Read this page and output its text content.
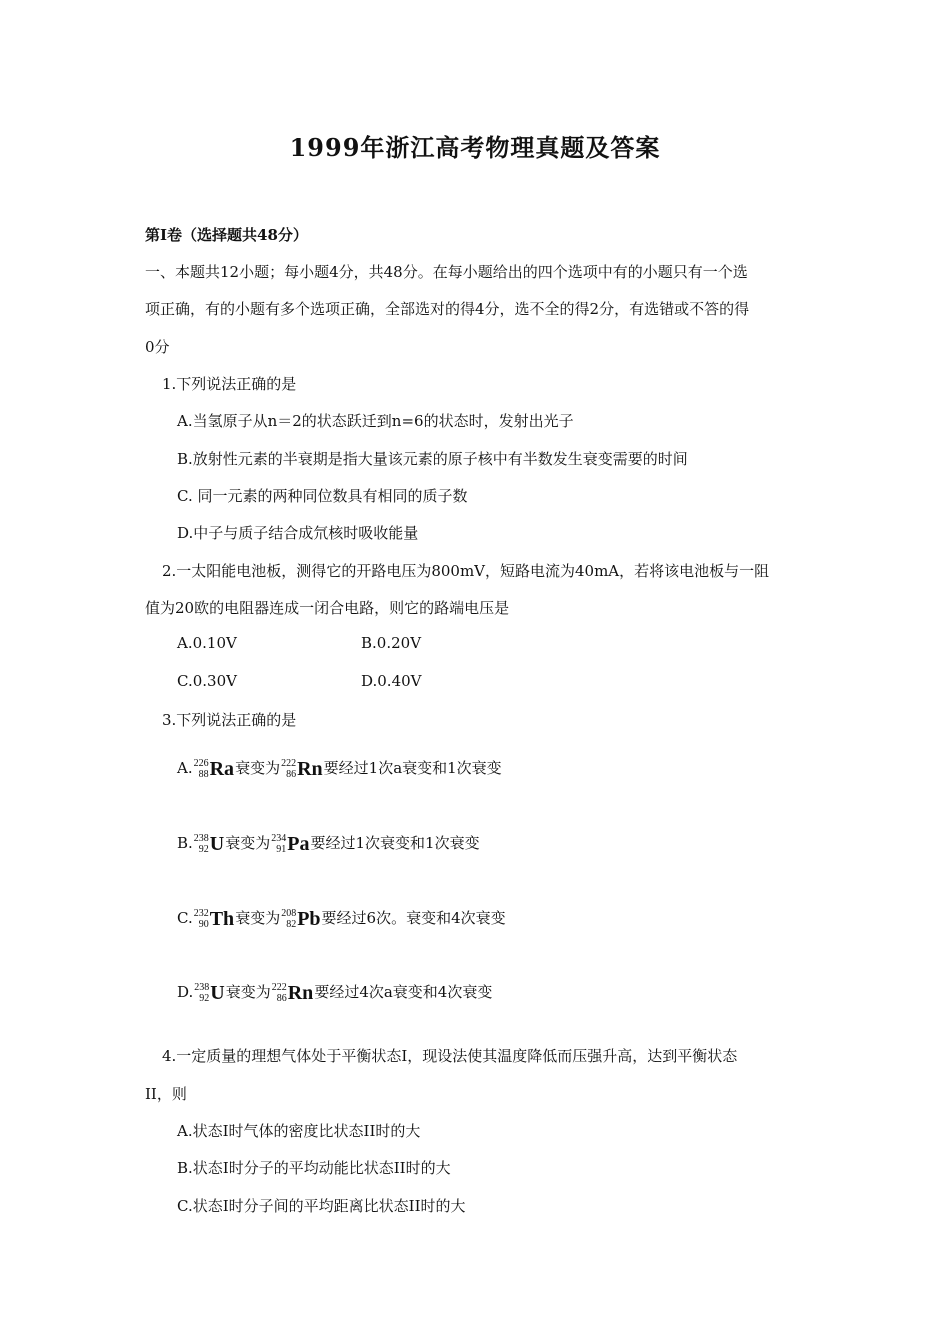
1999年浙江高考物理真题及答案
第Ⅰ卷（选择题共48分）
一、本题共12小题；每小题4分，共48分。在每小题给出的四个选项中有的小题只有一个选
项正确，有的小题有多个选项正确，全部选对的得4分，选不全的得2分，有选错或不答的得
0分
1.下列说法正确的是
A.当氢原子从n＝2的状态跃迁到n=6的状态时，发射出光子
B.放射性元素的半衰期是指大量该元素的原子核中有半数发生衰变需要的时间
C. 同一元素的两种同位数具有相同的质子数
D.中子与质子结合成氘核时吸收能量
2.一太阳能电池板，测得它的开路电压为800mV，短路电流为40mA，若将该电池板与一阻
值为20欧的电阻器连成一闭合电路，则它的路端电压是
A.0.10V	B.0.20V
C.0.30V	D.0.40V
3.下列说法正确的是
A. 226
88 Ra 衰变为 222
86 Rn 要经过1次a衰变和1次衰变
B. 238
92 U 衰变为 234
91 Pa 要经过1次衰变和1次衰变
C. 232
90 Th 衰变为 208
82 Pb 要经过6次。衰变和4次衰变
D. 238
92 U 衰变为 222
86 Rn 要经过4次a衰变和4次衰变
4.一定质量的理想气体处于平衡状态I，现设法使其温度降低而压强升高，达到平衡状态
II，则
A.状态I时气体的密度比状态II时的大
B.状态I时分子的平均动能比状态II时的大
C.状态I时分子间的平均距离比状态II时的大
